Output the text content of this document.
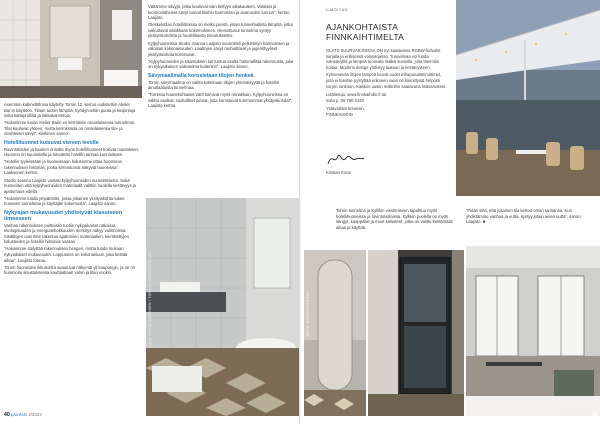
Asemmin kabinettitloina käytetty Tornin 12. kerros uudistettiin Atelier Bar:in käyttöön. Tilaan tuotiin lämpöä, hyödynnettiin puuta ja kivipintoja sekä kattoprofiiliä ja takkatoimintoja.

”Halusimme luoda Atelier Barin eri kerroksiin omanlaisensa tunnelman. Tilat kuuluvat yhteen, mutta kerroksissa on omanlaisensa tila- ja vivahteiset sävyt”, Kiiskinen sanoo.

Hotelliluonnet kutsuvat viereen levolle

Ravintoloiden ja baarien rinnalla myös hotellihuoneet kokivat muutoksen. Huoneet on suunniteltu ja toteutettu hotellin tarinaa kunnioittaen.

”Hotellin tyyleissään ja huoneissaan halusimme ottaa huomioon rakennuksen historian, jonka kerrostumat näkyvät huoneissa”, Laaksonen kertoo.

Studio Joanna Laajisto vastasi kylpyhuoneiden suunnittelusta. Sekä huoneiden että kylpyhuoneiden materiaalit valittiin huolella kestävyys ja ajattomuus edellä.

”Halusimme luoda ympäristön, jossa jokainen yksityiskohta tukee huoneen tunnelmaa ja käyttäjän kokemusta”, Laajisto sanoo.

Nykyajan mukavuudet yhdistyvät klassiseen ilmeeseen

Vanhan rakennuksen puitteisiin tuotiin nykyaikaiset ratkaisut, ekologisuuden ja energiatehokkuuden merkitys näkyy valinnoissa. Sisätilojen uusi ilme rakentuu ajattomien materiaalien, kierrätettyjen kalusteiden ja hotellin historian varaan.

”Halusimme säilyttää rakennuksen hengen, mutta tuoda mukaan nykyaikaiset mukavuudet. Lopputulos on kokonaisuus, joka kestää aikaa”, Laajisto toteaa.

Tornin huoneiden ikkunoista avautuvat näkymät yli kaupungin, ja ne on huomioitu sisustuksessa kauttaaltaan valon ja tilan vuoksi.

Vältämme sävyjä, jotka kuuluvat vain tiettyyn aikakauteen. Valoisat ja luonnonläheiset sävyt tuovat tiloihin harmonian ja avaruuden tunnun”, kertoo Laajisto.

Oleskelutilan hotellitiloissa on melko pientä, jotain tunnelmallista lämpöä, jotka vaikuttavat asiakkaan kokemukseen. Hienostunut tunnelma syntyy yksityiskohdista ja huolellisesta toteutuksesta.

Kylpyhuoneissa Studio Joanna Laajisto suunnitteli pelkistetyn harmonisen ja valoisan kokonaisuuden. Laattojen sävyt rauhoittavat ja jugendtyyliset yksityiskohdat korostuvat.

”Kylpyhuoneiden ja sisustuksen tuli tuntua osalta historiallista rakennusta, joka on nykyaikainen vaikutelma kuitenkin”, Laajisto sanoo.

Sävymaailmalla korostetaan tilojen henkeä

Tornin sävymaailma on valittu tukemaan tilojen yhtenäisyyttä ja hotellin ainutlaatuista tunnelmaa.

”Tornissa huonekohtaiset värit toimivat myös rinnakkain. Kylpyhuoneissa on valittu vaaleat, rauhalliset pinnat, joita korostavat tummemmat yksityiskohdat”, Laajisto kertoo.

KUVA: NIKKO SAARINEN / TORNIN SUUNNITTELIJAT
40 proresto 2/2022
ILMOITUS
AJANKOHTAISTA
FINNKAIHTIMELTA

GLATZ-SUURVARJOISSA ON nyt saatavissa RGBW-ledvalot sarjalla ja erillisessä valosarjassa. Tunnelmaa voi luoda valosävyillä ja lämpöä tuomalla lisäksi kuvioilla, joita lämmitin hoitaa. Moderni design yhdistyy laatuun ja kestävyyteen.

Kylmenevän iltojen lämpöä luovat uudet infrapunalämmittimet, joita ei tarvitse pystyttää erikseen vaan ne kiinnittyvät helposti varjon runkoon. Kaikkiin uusiin malleihin saatavana lisävarusteet.

Lisätietoja: www.finnkaihdin.fi tai
soita p. 09 755 2120
Ystävällisin terveisin,
FINNKAIHDIN
Kristian Koos

Tornin tunnelma ja Kyllikin viestimiseen tapahtuu myös hotellihuoneissa ja ravintolatiloissa. Kyllikin puolella on myös sängyt, kaappitilat ja muut kalusteet, jotka on valittu kestämään aikaa ja käyttöä.

”Pidän siitä, että jokainen tila kertoo oman tarinansa. Kun yhdistämme vanhaa ja uutta, syntyy jotain aivan uutta”, sanoo Laajisto. ■

KUVA: MIKKO RYHÄNEN
2/2022 proresto 41
